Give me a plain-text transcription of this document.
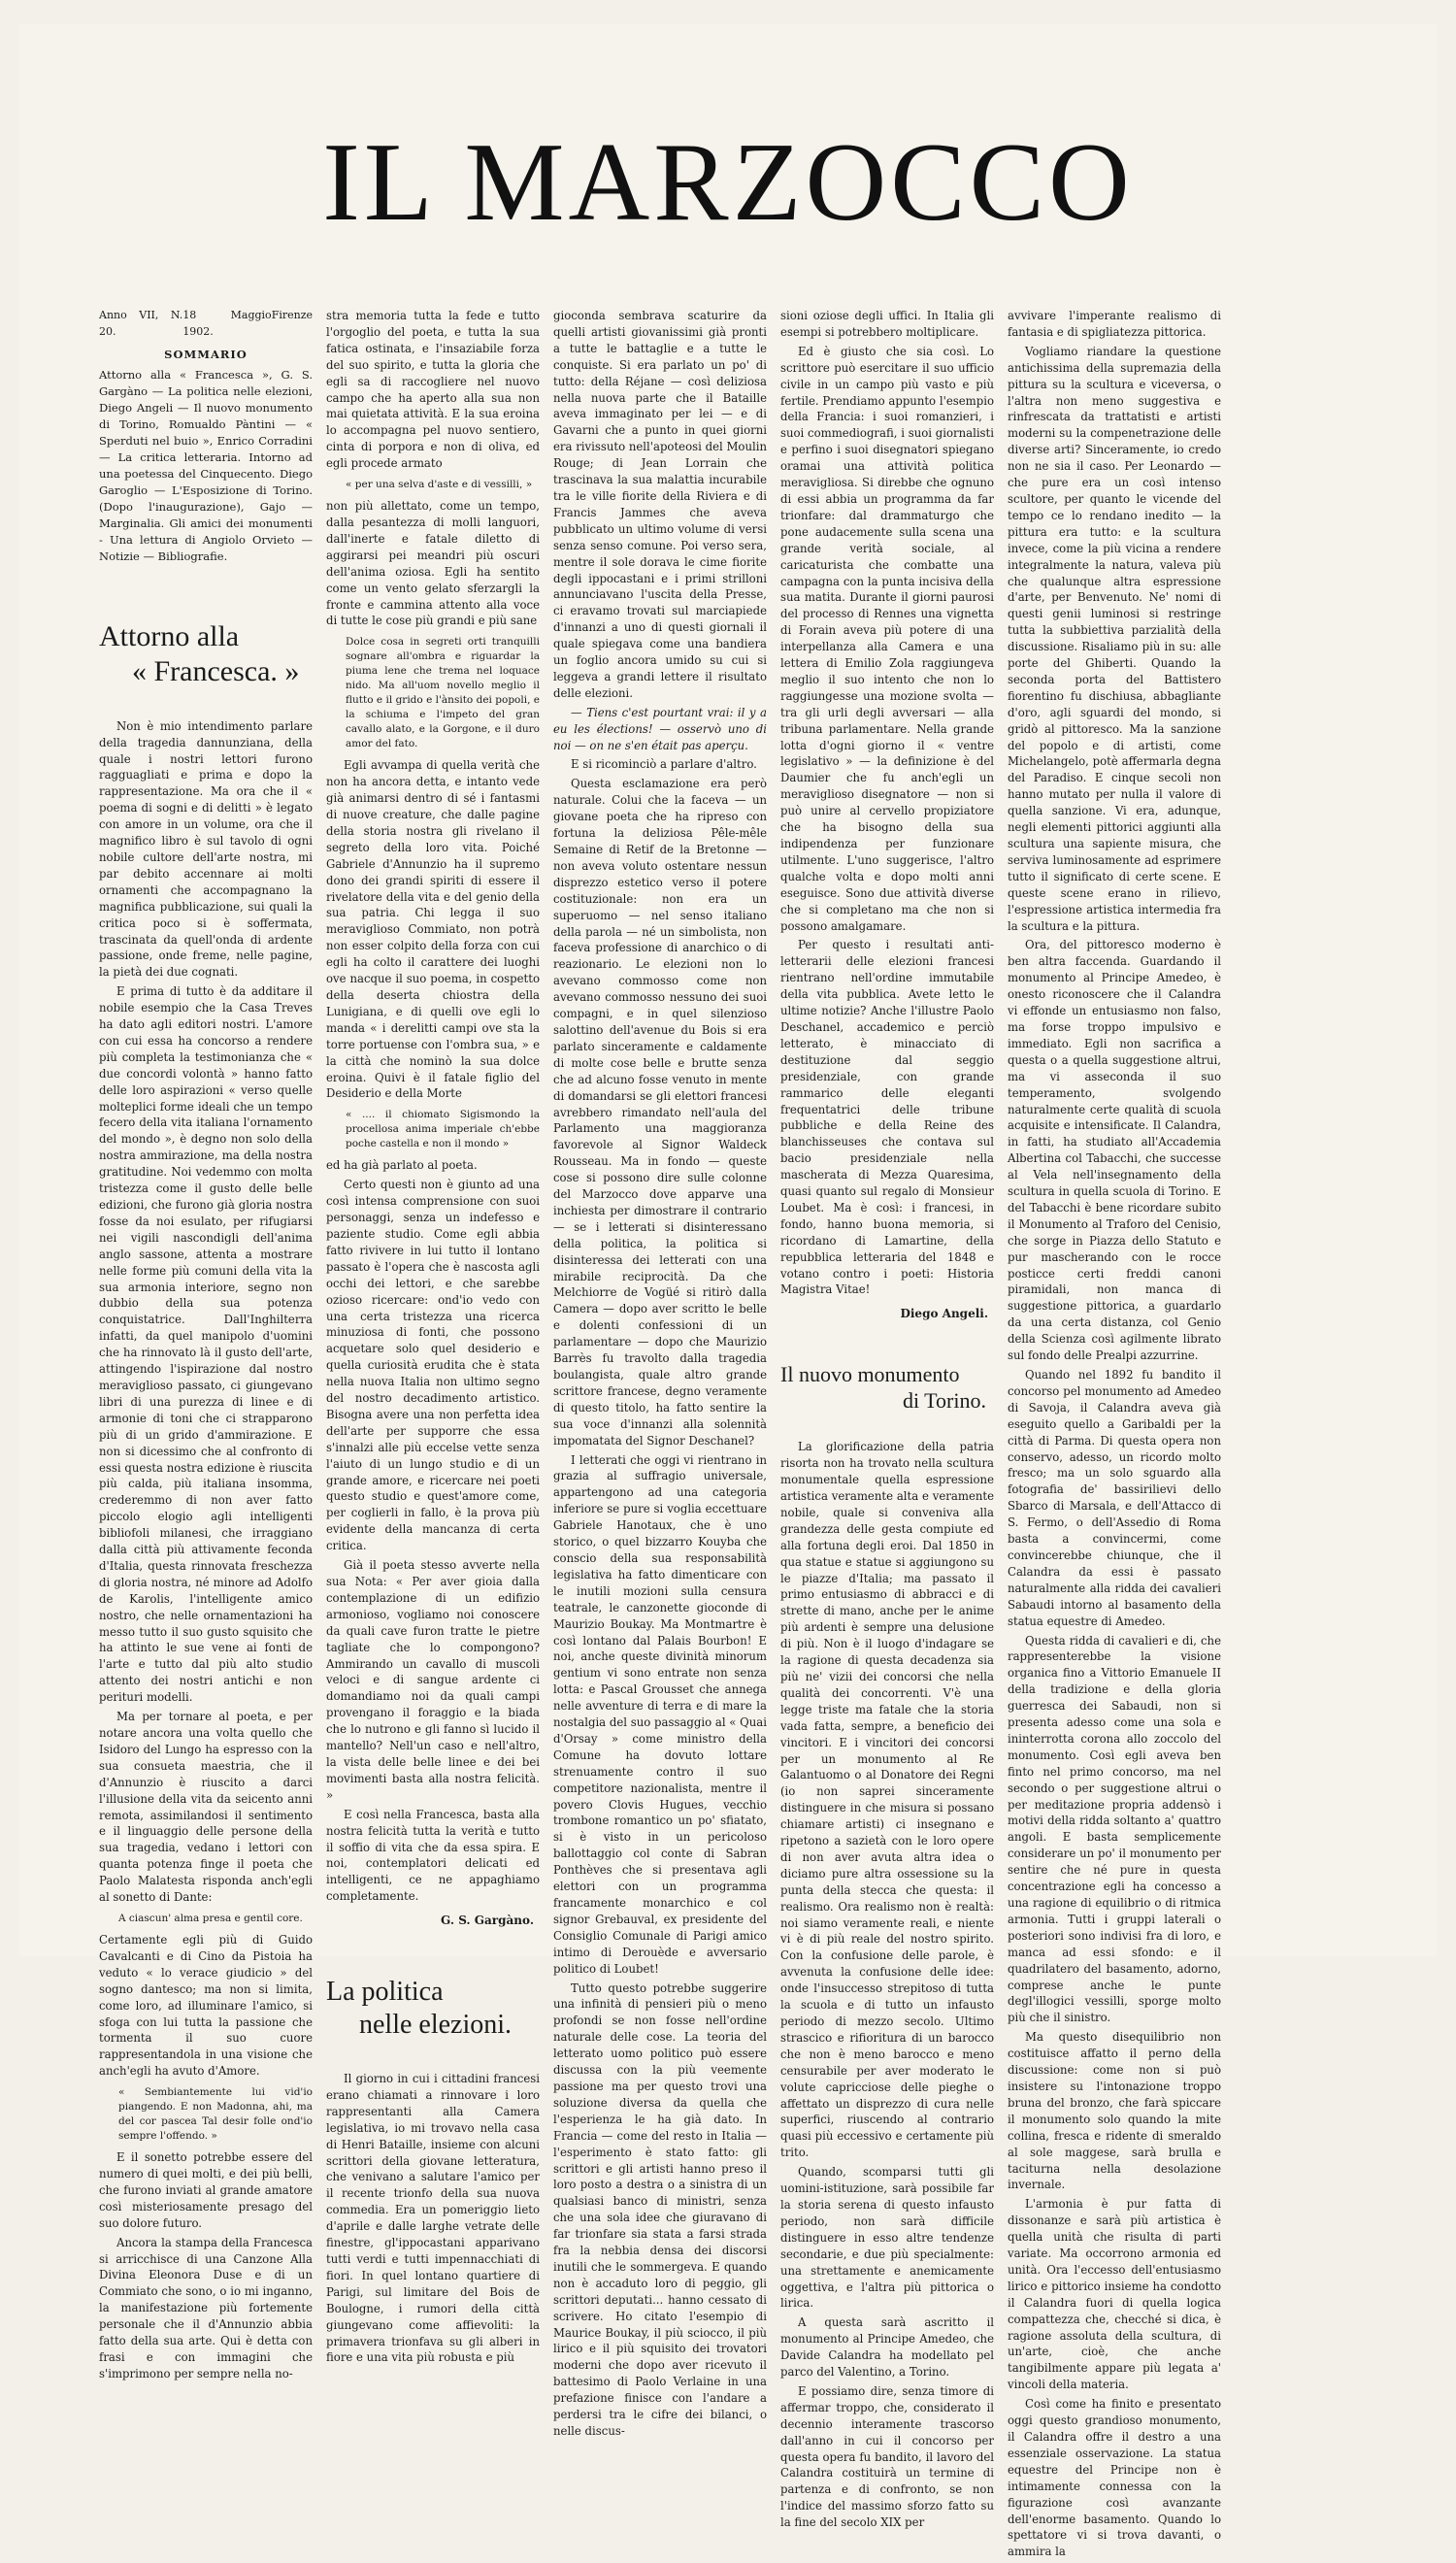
IL MARZOCCO
Anno VII, N. 20.
18 Maggio 1902.
Firenze
SOMMARIO
Attorno alla « Francesca », G. S. Gargàno — La politica nelle elezioni, Diego Angeli — Il nuovo monumento di Torino, Romualdo Pàntini — « Sperduti nel buio », Enrico Corradini — La critica letteraria. Intorno ad una poetessa del Cinquecento. Diego Garoglio — L'Esposizione di Torino. (Dopo l'inaugurazione), Gajo — Marginalia. Gli amici dei monumenti - Una lettura di Angiolo Orvieto — Notizie — Bibliografie.
Attorno alla
« Francesca. »

Non è mio intendimento parlare della tragedia dannunziana, della quale i nostri lettori furono ragguagliati e prima e dopo la rappresentazione. Ma ora che il « poema di sogni e di delitti » è legato con amore in un volume, ora che il magnifico libro è sul tavolo di ogni nobile cultore dell'arte nostra, mi par debito accennare ai molti ornamenti che accompagnano la magnifica pubblicazione, sui quali la critica poco si è soffermata, trascinata da quell'onda di ardente passione, onde freme, nelle pagine, la pietà dei due cognati.

E prima di tutto è da additare il nobile esempio che la Casa Treves ha dato agli editori nostri. L'amore con cui essa ha concorso a rendere più completa la testimonianza che « due concordi volontà » hanno fatto delle loro aspirazioni « verso quelle molteplici forme ideali che un tempo fecero della vita italiana l'ornamento del mondo », è degno non solo della nostra ammirazione, ma della nostra gratitudine. Noi vedemmo con molta tristezza come il gusto delle belle edizioni, che furono già gloria nostra fosse da noi esulato, per rifugiarsi nei vigili nascondigli dell'anima anglo sassone, attenta a mostrare nelle forme più comuni della vita la sua armonia interiore, segno non dubbio della sua potenza conquistatrice. Dall'Inghilterra infatti, da quel manipolo d'uomini che ha rinnovato là il gusto dell'arte, attingendo l'ispirazione dal nostro meraviglioso passato, ci giungevano libri di una purezza di linee e di armonie di toni che ci strapparono più di un grido d'ammirazione. E non si dicessimo che al confronto di essi questa nostra edizione è riuscita più calda, più italiana insomma, crederemmo di non aver fatto piccolo elogio agli intelligenti bibliofoli milanesi, che irraggiano dalla città più attivamente feconda d'Italia, questa rinnovata freschezza di gloria nostra, né minore ad Adolfo de Karolis, l'intelligente amico nostro, che nelle ornamentazioni ha messo tutto il suo gusto squisito che ha attinto le sue vene ai fonti de l'arte e tutto dal più alto studio attento dei nostri antichi e non periturі modelli.

Ma per tornare al poeta, e per notare ancora una volta quello che Isidoro del Lungo ha espresso con la sua consueta maestria, che il d'Annunzio è riuscito a darci l'illusione della vita da seicento anni remota, assimilandosi il sentimento e il linguaggio delle persone della sua tragedia, vedano i lettori con quanta potenza finge il poeta che Paolo Malatesta risponda anch'egli al sonetto di Dante:

A ciascun' alma presa e gentil core.

Certamente egli più di Guido Cavalcanti e di Cino da Pistoia ha veduto « lo verace giudicio » del sogno dantesco; ma non si limita, come loro, ad illuminare l'amico, si sfoga con lui tutta la passione che tormenta il suo cuore rappresentandola in una visione che anch'egli ha avuto d'Amore.

« Sembiantemente lui vid'io piangendo. E non Madonna, ahi, ma del cor pascea Tal desir folle ond'io sempre l'offendo. »

E il sonetto potrebbe essere del numero di quei molti, e dei più belli, che furono inviati al grande amatore così misteriosamente presago del suo dolore futuro.

Ancora la stampa della Francesca si arricchisce di una Canzone Alla Divina Eleonora Duse e di un Commiato che sono, o io mi inganno, la manifestazione più fortemente personale che il d'Annunzio abbia fatto della sua arte. Qui è detta con frasi e con immagini che s'imprimono per sempre nella no-

stra memoria tutta la fede e tutto l'orgoglio del poeta, e tutta la sua fatica ostinata, e l'insaziabile forza del suo spirito, e tutta la gloria che egli sa di raccogliere nel nuovo campo che ha aperto alla sua non mai quietata attività. E la sua eroina lo accompagna pel nuovo sentiero, cinta di porpora e non di oliva, ed egli procede armato

« per una selva d'aste e di vessilli, »

non più allettato, come un tempo, dalla pesantezza di molli languori, dall'inerte e fatale diletto di aggirarsi pei meandri più oscuri dell'anima oziosa. Egli ha sentito come un vento gelato sferzargli la fronte e cammina attento alla voce di tutte le cose più grandi e più sane

Dolce cosa in segreti orti tranquilli sognare all'ombra e riguardar la piuma lene che trema nel loquace nido. Ma all'uom novello meglio il flutto e il grido e l'ànsito dei popoli, e la schiuma e l'impeto del gran cavallo alato, e la Gorgone, e il duro amor del fato.

Egli avvampa di quella verità che non ha ancora detta, e intanto vede già animarsi dentro di sé i fantasmi di nuove creature, che dalle pagine della storia nostra gli rivelano il segreto della loro vita. Poiché Gabriele d'Annunzio ha il supremo dono dei grandi spiriti di essere il rivelatore della vita e del genio della sua patria. Chi legga il suo meraviglioso Commiato, non potrà non esser colpito della forza con cui egli ha colto il carattere dei luoghi ove nacque il suo poema, in cospetto della deserta chiostra della Lunigiana, e di quelli ove egli lo manda « i derelitti campi ove sta la torre portuense con l'ombra sua, » e la città che nominò la sua dolce eroina. Quivi è il fatale figlio del Desiderio e della Morte

« .... il chiomato Sigismondo la procellosa anima imperiale ch'ebbe poche castella e non il mondo »

ed ha già parlato al poeta.

Certo questi non è giunto ad una così intensa comprensione con suoi personaggi, senza un indefesso e paziente studio. Come egli abbia fatto rivivere in lui tutto il lontano passato è l'opera che è nascosta agli occhi dei lettori, e che sarebbe ozioso ricercare: ond'io vedo con una certa tristezza una ricerca minuziosa di fonti, che possono acquetare solo quel desiderio e quella curiosità erudita che è stata nella nuova Italia non ultimo segno del nostro decadimento artistico. Bisogna avere una non perfetta idea dell'arte per supporre che essa s'innalzi alle più eccelse vette senza l'aiuto di un lungo studio e di un grande amore, e ricercare nei poeti questo studio e quest'amore come, per coglierli in fallo, è la prova più evidente della mancanza di certa critica.

Già il poeta stesso avverte nella sua Nota: « Per aver gioia dalla contemplazione di un edifizio armonioso, vogliamo noi conoscere da quali cave furon tratte le pietre tagliate che lo compongono? Ammirando un cavallo di muscoli veloci e di sangue ardente ci domandiamo noi da quali campi provengano il foraggio e la biada che lo nutrono e gli fanno sì lucido il mantello? Nell'un caso e nell'altro, la vista delle belle linee e dei bei movimenti basta alla nostra felicità. »

E così nella Francesca, basta alla nostra felicità tutta la verità e tutto il soffio di vita che da essa spira. E noi, contemplatori delicati ed intelligenti, ce ne appaghiamo completamente.

G. S. Gargàno.
La politica
nelle elezioni.

Il giorno in cui i cittadini francesi erano chiamati a rinnovare i loro rappresentanti alla Camera legislativa, io mi trovavo nella casa di Henri Bataille, insieme con alcuni scrittori della giovane letteratura, che venivano a salutare l'amico per il recente trionfo della sua nuova commedia. Era un pomeriggio lieto d'aprile e dalle larghe vetrate delle finestre, gl'ippocastani apparivano tutti verdi e tutti impennacchiati di fiori. In quel lontano quartiere di Parigi, sul limitare del Bois de Boulogne, i rumori della città giungevano come affievoliti: la primavera trionfava su gli alberi in fiore e una vita più robusta e più

gioconda sembrava scaturire da quelli artisti giovanissimi già pronti a tutte le battaglie e a tutte le conquiste. Si era parlato un po' di tutto: della Réjane — così deliziosa nella nuova parte che il Bataille aveva immaginato per lei — e di Gavarni che a punto in quei giorni era rivissuto nell'apoteosi del Moulin Rouge; di Jean Lorrain che trascinava la sua malattia incurabile tra le ville fiorite della Riviera e di Francis Jammes che aveva pubblicato un ultimo volume di versi senza senso comune. Poi verso sera, mentre il sole dorava le cime fiorite degli ippocastani e i primi strilloni annunciavano l'uscita della Presse, ci eravamo trovati sul marciapiede d'innanzi a uno di questi giornali il quale spiegava come una bandiera un foglio ancora umido su cui si leggeva a grandi lettere il risultato delle elezioni.

— Tiens c'est pourtant vrai: il y a eu les élections! — osservò uno di noi — on ne s'en était pas aperçu.

E si ricominciò a parlare d'altro.

Questa esclamazione era però naturale. Colui che la faceva — un giovane poeta che ha ripreso con fortuna la deliziosa Pêle-mêle Semaine di Retif de la Bretonne — non aveva voluto ostentare nessun disprezzo estetico verso il potere costituzionale: non era un superuomo — nel senso italiano della parola — né un simbolista, non faceva professione di anarchico o di reazionario. Le elezioni non lo avevano commosso come non avevano commosso nessuno dei suoi compagni, e in quel silenzioso salottino dell'avenue du Bois si era parlato sinceramente e caldamente di molte cose belle e brutte senza che ad alcuno fosse venuto in mente di domandarsi se gli elettori francesi avrebbero rimandato nell'aula del Parlamento una maggioranza favorevole al Signor Waldeck Rousseau. Ma in fondo — queste cose si possono dire sulle colonne del Marzocco dove apparve una inchiesta per dimostrare il contrario — se i letterati si disinteressano della politica, la politica si disinteressa dei letterati con una mirabile reciprocità. Da che Melchiorre de Vogüé si ritirò dalla Camera — dopo aver scritto le belle e dolenti confessioni di un parlamentare — dopo che Maurizio Barrès fu travolto dalla tragedia boulangista, quale altro grande scrittore francese, degno veramente di questo titolo, ha fatto sentire la sua voce d'innanzi alla solennità impomatata del Signor Deschanel?

I letterati che oggi vi rientrano in grazia al suffragio universale, appartengono ad una categoria inferiore se pure si voglia eccettuare Gabriele Hanotaux, che è uno storico, o quel bizzarro Kouyba che conscio della sua responsabilità legislativa ha fatto dimenticare con le inutili mozioni sulla censura teatrale, le canzonette gioconde di Maurizio Boukay. Ma Montmartre è così lontano dal Palais Bourbon! E noi, anche queste divinità minorum gentium vi sono entrate non senza lotta: e Pascal Grousset che annega nelle avventure di terra e di mare la nostalgia del suo passaggio al « Quai d'Orsay » come ministro della Comune ha dovuto lottare strenuamente contro il suo competitore nazionalista, mentre il povero Clovis Hugues, vecchio trombone romantico un po' sfiatato, si è visto in un pericoloso ballottaggio col conte di Sabran Ponthèves che si presentava agli elettori con un programma francamente monarchico e col signor Grebauval, ex presidente del Consiglio Comunale di Parigi amico intimo di Derouède e avversario politico di Loubet!

Tutto questo potrebbe suggerire una infinità di pensieri più o meno profondi se non fosse nell'ordine naturale delle cose. La teoria del letterato uomo politico può essere discussa con la più veemente passione ma per questo trovi una soluzione diversa da quella che l'esperienza le ha già dato. In Francia — come del resto in Italia — l'esperimento è stato fatto: gli scrittori e gli artisti hanno preso il loro posto a destra o a sinistra di un qualsiasi banco di ministri, senza che una sola idee che giuravano di far trionfare sia stata a farsi strada fra la nebbia densa dei discorsi inutili che le sommergeva. E quando non è accaduto loro di peggio, gli scrittori deputati... hanno cessato di scrivere. Ho citato l'esempio di Maurice Boukay, il più sciocco, il più lirico e il più squisito dei trovatori moderni che dopo aver ricevuto il battesimo di Paolo Verlaine in una prefazione finisce con l'andare a perdersi tra le cifre dei bilanci, o nelle discus-

sioni oziose degli uffici. In Italia gli esempi si potrebbero moltiplicare.

Ed è giusto che sia così. Lo scrittore può esercitare il suo ufficio civile in un campo più vasto e più fertile. Prendiamo appunto l'esempio della Francia: i suoi romanzieri, i suoi commediografi, i suoi giornalisti e perfino i suoi disegnatori spiegano oramai una attività politica meravigliosa. Si direbbe che ognuno di essi abbia un programma da far trionfare: dal drammaturgo che pone audacemente sulla scena una grande verità sociale, al caricaturista che combatte una campagna con la punta incisiva della sua matita. Durante il giorni paurosi del processo di Rennes una vignetta di Forain aveva più potere di una interpellanza alla Camera e una lettera di Emilio Zola raggiungeva meglio il suo intento che non lo raggiungesse una mozione svolta — tra gli urli degli avversari — alla tribuna parlamentare. Nella grande lotta d'ogni giorno il « ventre legislativo » — la definizione è del Daumier che fu anch'egli un meraviglioso disegnatore — non si può unire al cervello propiziatore che ha bisogno della sua indipendenza per funzionare utilmente. L'uno suggerisce, l'altro qualche volta e dopo molti anni eseguisce. Sono due attività diverse che si completano ma che non si possono amalgamare.

Per questo i resultati anti-letterarii delle elezioni francesi rientrano nell'ordine immutabile della vita pubblica. Avete letto le ultime notizie? Anche l'illustre Paolo Deschanel, accademico e perciò letterato, è minacciato di destituzione dal seggio presidenziale, con grande rammarico delle eleganti frequentatrici delle tribune pubbliche e della Reine des blanchisseuses che contava sul bacio presidenziale nella mascherata di Mezza Quaresima, quasi quanto sul regalo di Monsieur Loubet. Ma è così: i francesi, in fondo, hanno buona memoria, si ricordano di Lamartine, della repubblica letteraria del 1848 e votano contro i poeti: Historia Magistra Vitae!

Diego Angeli.
Il nuovo monumento
di Torino.

La glorificazione della patria risorta non ha trovato nella scultura monumentale quella espressione artistica veramente alta e veramente nobile, quale si conveniva alla grandezza delle gesta compiute ed alla fortuna degli eroi. Dal 1850 in qua statue e statue si aggiungono su le piazze d'Italia; ma passato il primo entusiasmo di abbracci e di strette di mano, anche per le anime più ardenti è sempre una delusione di più. Non è il luogo d'indagare se la ragione di questa decadenza sia più ne' vizii dei concorsi che nella qualità dei concorrenti. V'è una legge triste ma fatale che la storia vada fatta, sempre, a beneficio dei vincitori. E i vincitori dei concorsi per un monumento al Re Galantuomo o al Donatore dei Regni (io non saprei sinceramente distinguere in che misura si possano chiamare artisti) ci insegnano e ripetono a sazietà con le loro opere di non aver avuta altra idea o diciamo pure altra ossessione su la punta della stecca che questa: il realismo. Ora realismo non è realtà: noi siamo veramente reali, e niente vi è di più reale del nostro spirito. Con la confusione delle parole, è avvenuta la confusione delle idee: onde l'insuccesso strepitoso di tutta la scuola e di tutto un infausto periodo di mezzo secolo. Ultimo strascico e rifioritura di un barocco che non è meno barocco e meno censurabile per aver moderato le volute capricciose delle pieghe o affettato un disprezzo di cura nelle superfici, riuscendo al contrario quasi più eccessivo e certamente più trito.

Quando, scomparsi tutti gli uomini-istituzione, sarà possibile far la storia serena di questo infausto periodo, non sarà difficile distinguere in esso altre tendenze secondarie, e due più specialmente: una strettamente e anemicamente oggettiva, e l'altra più pittorica o lirica.

A questa sarà ascritto il monumento al Principe Amedeo, che Davide Calandra ha modellato pel parco del Valentino, a Torino.

E possiamo dire, senza timore di affermar troppo, che, considerato il decennio interamente trascorso dall'anno in cui il concorso per questa opera fu bandito, il lavoro del Calandra costituirà un termine di partenza e di confronto, se non l'indice del massimo sforzo fatto su la fine del secolo XIX per

avvivare l'imperante realismo di fantasia e di spigliatezza pittorica.

Vogliamo riandare la questione antichissima della supremazia della pittura su la scultura e viceversa, o l'altra non meno suggestiva e rinfrescata da trattatisti e artisti moderni su la compenetrazione delle diverse arti? Sinceramente, io credo non ne sia il caso. Per Leonardo — che pure era un così intenso scultore, per quanto le vicende del tempo ce lo rendano inedito — la pittura era tutto: e la scultura invece, come la più vicina a rendere integralmente la natura, valeva più che qualunque altra espressione d'arte, per Benvenuto. Ne' nomi di questi genii luminosi si restringe tutta la subbiettiva parzialità della discussione. Risaliamo più in su: alle porte del Ghiberti. Quando la seconda porta del Battistero fiorentino fu dischiusa, abbagliante d'oro, agli sguardi del mondo, si gridò al pittoresco. Ma la sanzione del popolo e di artisti, come Michelangelo, potè affermarla degna del Paradiso. E cinque secoli non hanno mutato per nulla il valore di quella sanzione. Vi era, adunque, negli elementi pittorici aggiunti alla scultura una sapiente misura, che serviva luminosamente ad esprimere tutto il significato di certe scene. E queste scene erano in rilievo, l'espressione artistica intermedia fra la scultura e la pittura.

Ora, del pittoresco moderno è ben altra faccenda. Guardando il monumento al Principe Amedeo, è onesto riconoscere che il Calandra vi effonde un entusiasmo non falso, ma forse troppo impulsivo e immediato. Egli non sacrifica a questa o a quella suggestione altrui, ma vi asseconda il suo temperamento, svolgendo naturalmente certe qualità di scuola acquisite e intensificate. Il Calandra, in fatti, ha studiato all'Accademia Albertina col Tabacchi, che successe al Vela nell'insegnamento della scultura in quella scuola di Torino. E del Tabacchi è bene ricordare subito il Monumento al Traforo del Cenisio, che sorge in Piazza dello Statuto e pur mascherando con le rocce posticce certi freddi canoni piramidali, non manca di suggestione pittorica, a guardarlo da una certa distanza, col Genio della Scienza così agilmente librato sul fondo delle Prealpi azzurrine.

Quando nel 1892 fu bandito il concorso pel monumento ad Amedeo di Savoja, il Calandra aveva già eseguito quello a Garibaldi per la città di Parma. Di questa opera non conservo, adesso, un ricordo molto fresco; ma un solo sguardo alla fotografia de' bassirilievi dello Sbarco di Marsala, e dell'Attacco di S. Fermo, o dell'Assedio di Roma basta a convincermi, come convincerebbe chiunque, che il Calandra da essi è passato naturalmente alla ridda dei cavalieri Sabaudi intorno al basamento della statua equestre di Amedeo.

Questa ridda di cavalieri e di, che rappresenterebbe la visione organica fino a Vittorio Emanuele II della tradizione e della gloria guerresca dei Sabaudi, non si presenta adesso come una sola e ininterrotta corona allo zoccolo del monumento. Così egli aveva ben finto nel primo concorso, ma nel secondo o per suggestione altrui o per meditazione propria addensò i motivi della ridda soltanto a' quattro angoli. E basta semplicemente considerare un po' il monumento per sentire che né pure in questa concentrazione egli ha concesso a una ragione di equilibrio o di ritmica armonia. Tutti i gruppi laterali o posteriori sono indivisi fra di loro, e manca ad essi sfondo: e il quadrilatero del basamento, adorno, comprese anche le punte degl'illogici vessilli, sporge molto più che il sinistro.

Ma questo disequilibrio non costituisce affatto il perno della discussione: come non si può insistere su l'intonazione troppo bruna del bronzo, che farà spiccare il monumento solo quando la mite collina, fresca e ridente di smeraldo al sole maggese, sarà brulla e taciturna nella desolazione invernale.

L'armonia è pur fatta di dissonanze e sarà più artistica è quella unità che risulta di parti variate. Ma occorrono armonia ed unità. Ora l'eccesso dell'entusiasmo lirico e pittorico insieme ha condotto il Calandra fuori di quella logica compattezza che, checché si dica, è ragione assoluta della scultura, di un'arte, cioè, che anche tangibilmente appare più legata a' vincoli della materia.

Così come ha finito e presentato oggi questo grandioso monumento, il Calandra offre il destro a una essenziale osservazione. La statua equestre del Principe non è intimamente connessa con la figurazione così avanzante dell'enorme basamento. Quando lo spettatore vi si trova davanti, o ammira la
